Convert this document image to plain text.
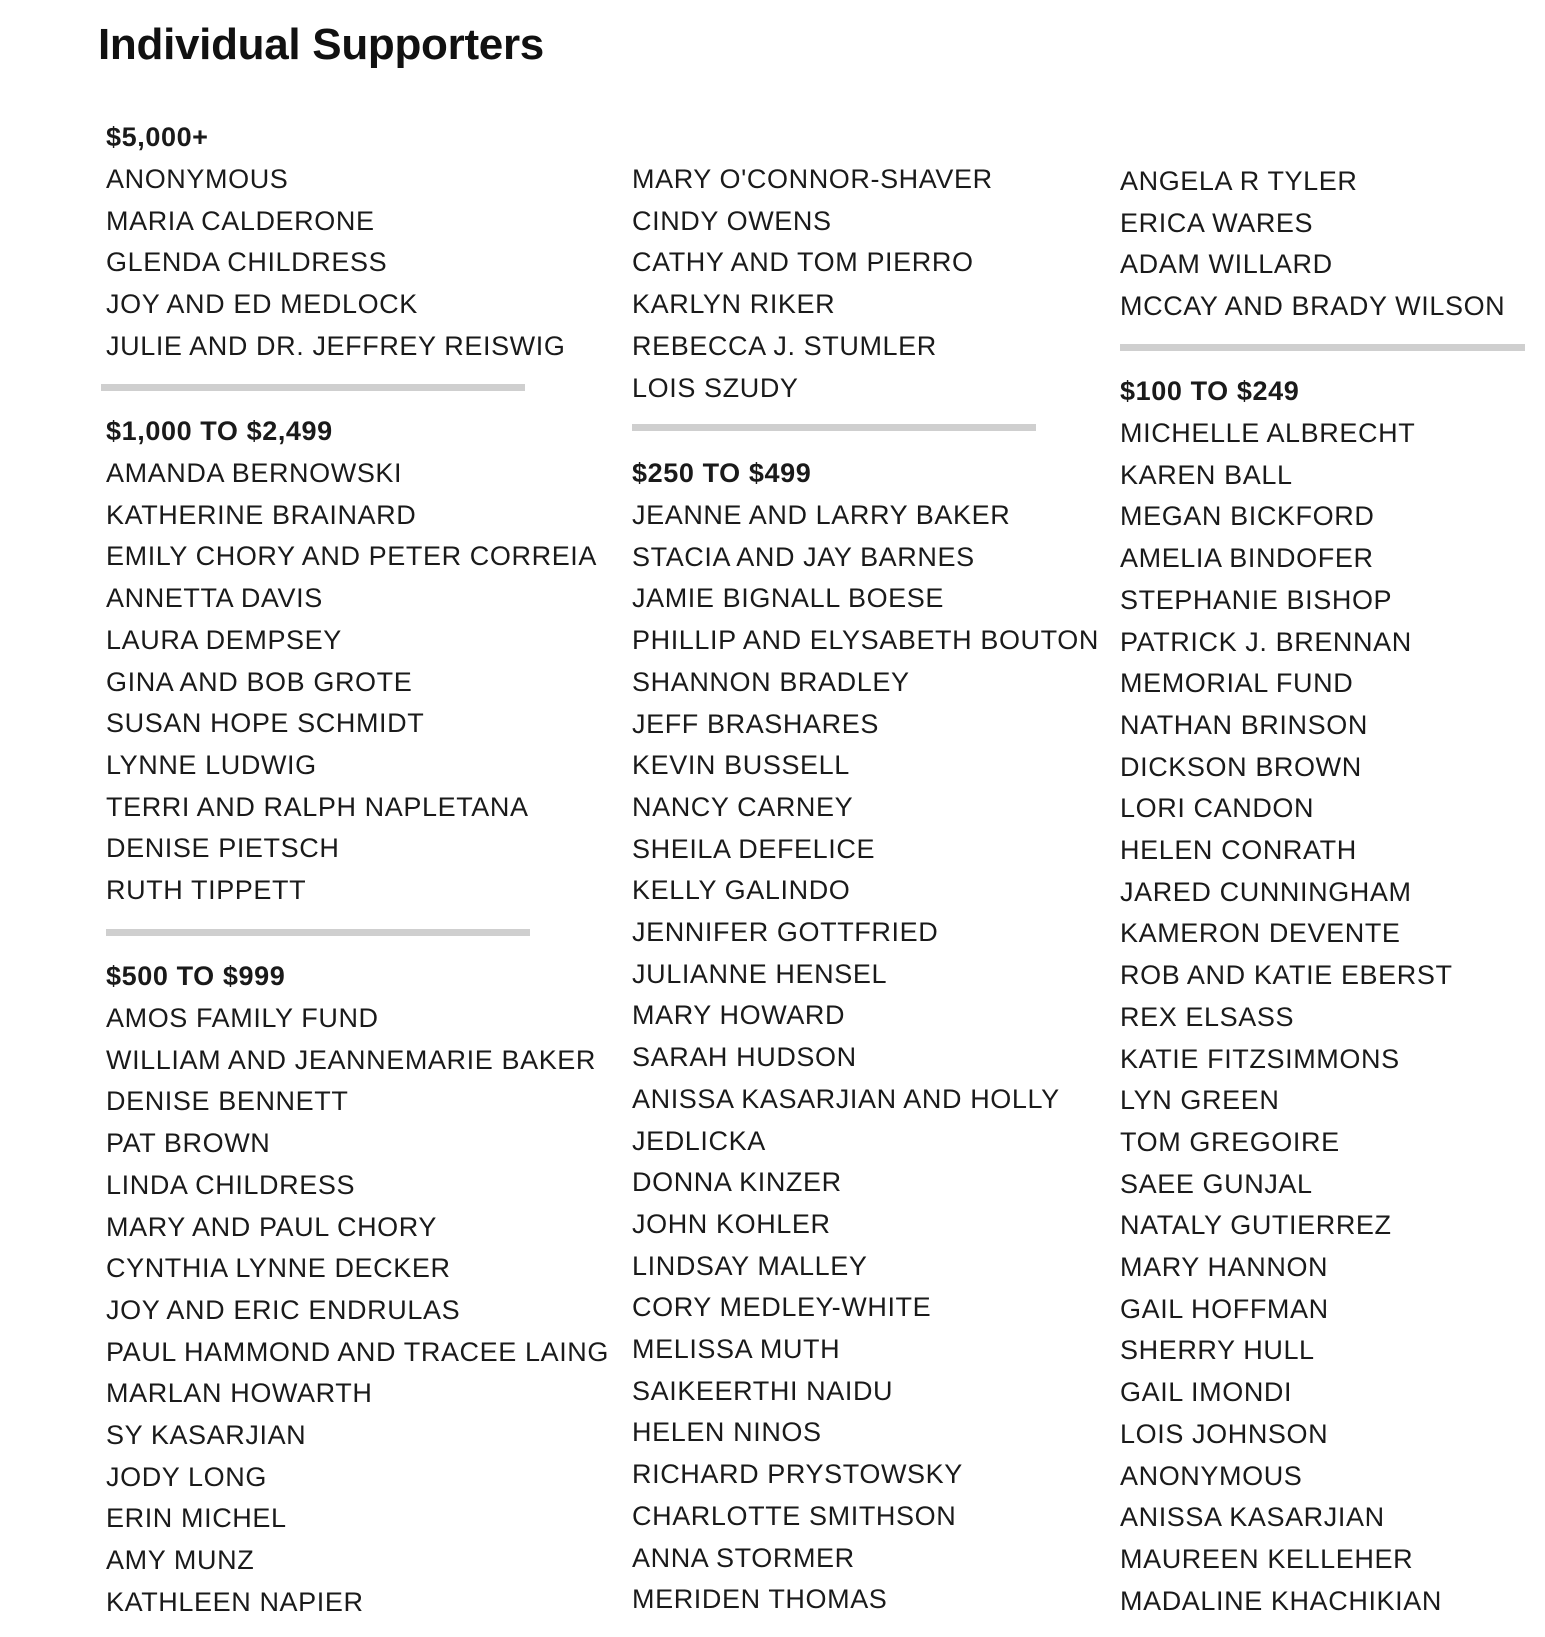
Individual Supporters
$5,000+
ANONYMOUS
MARIA CALDERONE
GLENDA CHILDRESS
JOY AND ED MEDLOCK
JULIE AND DR. JEFFREY REISWIG
$1,000 TO $2,499
AMANDA BERNOWSKI
KATHERINE BRAINARD
EMILY CHORY AND PETER CORREIA
ANNETTA DAVIS
LAURA DEMPSEY
GINA AND BOB GROTE
SUSAN HOPE SCHMIDT
LYNNE LUDWIG
TERRI AND RALPH NAPLETANA
DENISE PIETSCH
RUTH TIPPETT
$500 TO $999
AMOS FAMILY FUND
WILLIAM AND JEANNEMARIE BAKER
DENISE BENNETT
PAT BROWN
LINDA CHILDRESS
MARY AND PAUL CHORY
CYNTHIA LYNNE DECKER
JOY AND ERIC ENDRULAS
PAUL HAMMOND AND TRACEE LAING
MARLAN HOWARTH
SY KASARJIAN
JODY LONG
ERIN MICHEL
AMY MUNZ
KATHLEEN NAPIER
MARY O'CONNOR-SHAVER
CINDY OWENS
CATHY AND TOM PIERRO
KARLYN RIKER
REBECCA J. STUMLER
LOIS SZUDY
$250 TO $499
JEANNE AND LARRY BAKER
STACIA AND JAY BARNES
JAMIE BIGNALL BOESE
PHILLIP AND ELYSABETH BOUTON
SHANNON BRADLEY
JEFF BRASHARES
KEVIN BUSSELL
NANCY CARNEY
SHEILA DEFELICE
KELLY GALINDO
JENNIFER GOTTFRIED
JULIANNE HENSEL
MARY HOWARD
SARAH HUDSON
ANISSA KASARJIAN AND HOLLY
JEDLICKA
DONNA KINZER
JOHN KOHLER
LINDSAY MALLEY
CORY MEDLEY-WHITE
MELISSA MUTH
SAIKEERTHI NAIDU
HELEN NINOS
RICHARD PRYSTOWSKY
CHARLOTTE SMITHSON
ANNA STORMER
MERIDEN THOMAS
ANGELA R TYLER
ERICA WARES
ADAM WILLARD
MCCAY AND BRADY WILSON
$100 TO $249
MICHELLE ALBRECHT
KAREN BALL
MEGAN BICKFORD
AMELIA BINDOFER
STEPHANIE BISHOP
PATRICK J. BRENNAN
MEMORIAL FUND
NATHAN BRINSON
DICKSON BROWN
LORI CANDON
HELEN CONRATH
JARED CUNNINGHAM
KAMERON DEVENTE
ROB AND KATIE EBERST
REX ELSASS
KATIE FITZSIMMONS
LYN GREEN
TOM GREGOIRE
SAEE GUNJAL
NATALY GUTIERREZ
MARY HANNON
GAIL HOFFMAN
SHERRY HULL
GAIL IMONDI
LOIS JOHNSON
ANONYMOUS
ANISSA KASARJIAN
MAUREEN KELLEHER
MADALINE KHACHIKIAN
